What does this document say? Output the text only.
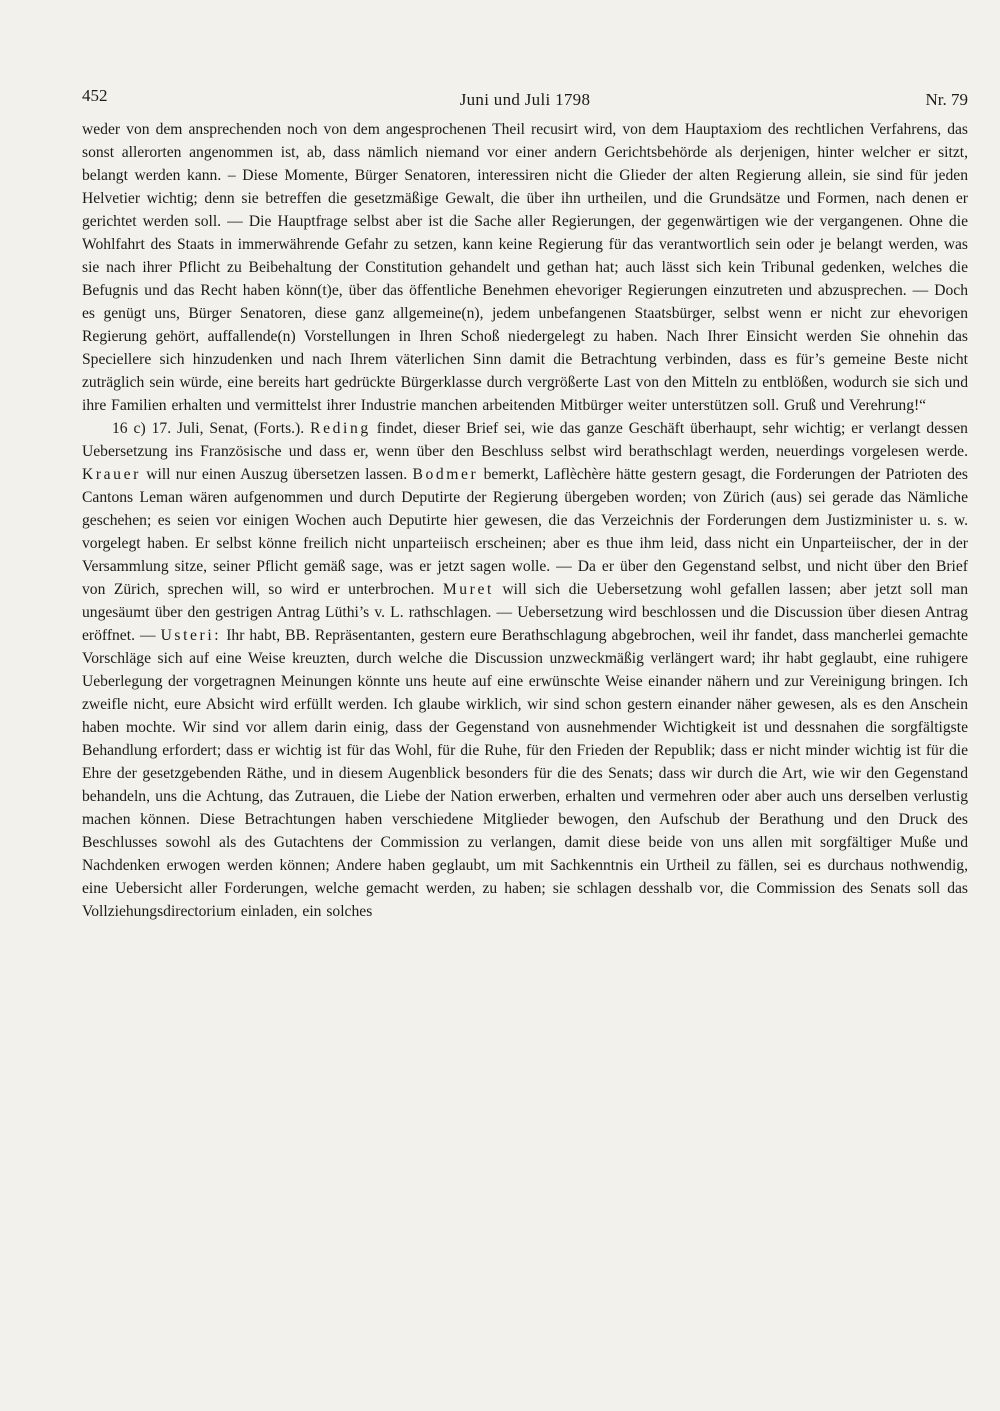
452	Juni und Juli 1798	Nr. 79

weder von dem ansprechenden noch von dem angesprochenen Theil recusirt wird, von dem Hauptaxiom des rechtlichen Verfahrens, das sonst allerorten angenommen ist, ab, dass nämlich niemand vor einer andern Gerichtsbehörde als derjenigen, hinter welcher er sitzt, belangt werden kann. – Diese Momente, Bürger Senatoren, interessiren nicht die Glieder der alten Regierung allein, sie sind für jeden Helvetier wichtig; denn sie betreffen die gesetzmäßige Gewalt, die über ihn urtheilen, und die Grundsätze und Formen, nach denen er gerichtet werden soll. — Die Hauptfrage selbst aber ist die Sache aller Regierungen, der gegenwärtigen wie der vergangenen. Ohne die Wohlfahrt des Staats in immerwährende Gefahr zu setzen, kann keine Regierung für das verantwortlich sein oder je belangt werden, was sie nach ihrer Pflicht zu Beibehaltung der Constitution gehandelt und gethan hat; auch lässt sich kein Tribunal gedenken, welches die Befugnis und das Recht haben könn(t)e, über das öffentliche Benehmen ehevoriger Regierungen einzutreten und abzusprechen. — Doch es genügt uns, Bürger Senatoren, diese ganz allgemeine(n), jedem unbefangenen Staatsbürger, selbst wenn er nicht zur ehevorigen Regierung gehört, auffallende(n) Vorstellungen in Ihren Schoß niedergelegt zu haben. Nach Ihrer Einsicht werden Sie ohnehin das Speciellere sich hinzudenken und nach Ihrem väterlichen Sinn damit die Betrachtung verbinden, dass es für’s gemeine Beste nicht zuträglich sein würde, eine bereits hart gedrückte Bürgerklasse durch vergrößerte Last von den Mitteln zu entblößen, wodurch sie sich und ihre Familien erhalten und vermittelst ihrer Industrie manchen arbeitenden Mitbürger weiter unterstützen soll. Gruß und Verehrung!“

16 c) 17. Juli, Senat, (Forts.). Reding findet, dieser Brief sei, wie das ganze Geschäft überhaupt, sehr wichtig; er verlangt dessen Uebersetzung ins Französische und dass er, wenn über den Beschluss selbst wird berathschlagt werden, neuerdings vorgelesen werde. Krauer will nur einen Auszug übersetzen lassen. Bodmer bemerkt, Laflèchère hätte gestern gesagt, die Forderungen der Patrioten des Cantons Leman wären aufgenommen und durch Deputirte der Regierung übergeben worden; von Zürich (aus) sei gerade das Nämliche geschehen; es seien vor einigen Wochen auch Deputirte hier gewesen, die das Verzeichnis der Forderungen dem Justizminister u. s. w. vorgelegt haben. Er selbst könne freilich nicht unparteiisch erscheinen; aber es thue ihm leid, dass nicht ein Unparteiischer, der in der Versammlung sitze, seiner Pflicht gemäß sage, was er jetzt sagen wolle. — Da er über den Gegenstand selbst, und nicht über den Brief von Zürich, sprechen will, so wird er unterbrochen. Muret will sich die Uebersetzung wohl gefallen lassen; aber jetzt soll man ungesäumt über den gestrigen Antrag Lüthi’s v. L. rathschlagen. — Uebersetzung wird beschlossen und die Discussion über diesen Antrag eröffnet. — Usteri: Ihr habt, BB. Repräsentanten, gestern eure Berathschlagung abgebrochen, weil ihr fandet, dass mancherlei gemachte Vorschläge sich auf eine Weise kreuzten, durch welche die Discussion unzweckmäßig verlängert ward; ihr habt geglaubt, eine ruhigere Ueberlegung der vorgetragnen Meinungen könnte uns heute auf eine erwünschte Weise einander nähern und zur Vereinigung bringen. Ich zweifle nicht, eure Absicht wird erfüllt werden. Ich glaube wirklich, wir sind schon gestern einander näher gewesen, als es den Anschein haben mochte. Wir sind vor allem darin einig, dass der Gegenstand von ausnehmender Wichtigkeit ist und dessnahen die sorgfältigste Behandlung erfordert; dass er wichtig ist für das Wohl, für die Ruhe, für den Frieden der Republik; dass er nicht minder wichtig ist für die Ehre der gesetzgebenden Räthe, und in diesem Augenblick besonders für die des Senats; dass wir durch die Art, wie wir den Gegenstand behandeln, uns die Achtung, das Zutrauen, die Liebe der Nation erwerben, erhalten und vermehren oder aber auch uns derselben verlustig machen können. Diese Betrachtungen haben verschiedene Mitglieder bewogen, den Aufschub der Berathung und den Druck des Beschlusses sowohl als des Gutachtens der Commission zu verlangen, damit diese beide von uns allen mit sorgfältiger Muße und Nachdenken erwogen werden können; Andere haben geglaubt, um mit Sachkenntnis ein Urtheil zu fällen, sei es durchaus nothwendig, eine Uebersicht aller Forderungen, welche gemacht werden, zu haben; sie schlagen desshalb vor, die Commission des Senats soll das Vollziehungsdirectorium einladen, ein solches
